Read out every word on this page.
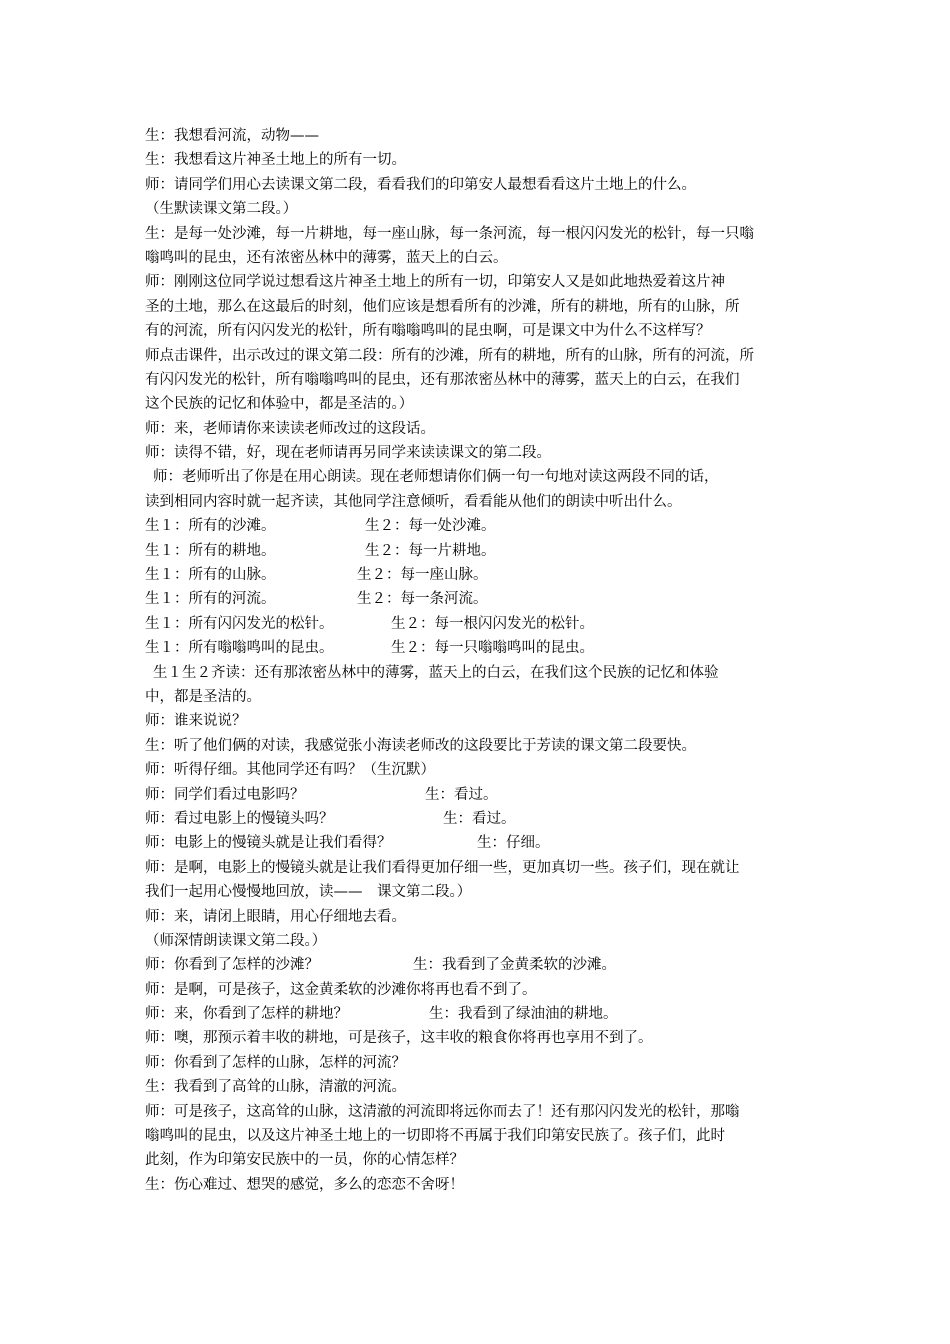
生：我想看河流，动物——
生：我想看这片神圣土地上的所有一切。
师：请同学们用心去读课文第二段，看看我们的印第安人最想看看这片土地上的什么。
（生默读课文第二段。）
生：是每一处沙滩，每一片耕地，每一座山脉，每一条河流，每一根闪闪发光的松针，每一只嗡
嗡鸣叫的昆虫，还有浓密丛林中的薄雾，蓝天上的白云。
师：刚刚这位同学说过想看这片神圣土地上的所有一切，印第安人又是如此地热爱着这片神
圣的土地，那么在这最后的时刻，他们应该是想看所有的沙滩，所有的耕地，所有的山脉，所
有的河流，所有闪闪发光的松针，所有嗡嗡鸣叫的昆虫啊，可是课文中为什么不这样写？
师点击课件，出示改过的课文第二段：所有的沙滩，所有的耕地，所有的山脉，所有的河流，所
有闪闪发光的松针，所有嗡嗡鸣叫的昆虫，还有那浓密丛林中的薄雾，蓝天上的白云，在我们
这个民族的记忆和体验中，都是圣洁的。）
师：来，老师请你来读读老师改过的这段话。
师：读得不错，好，现在老师请再另同学来读读课文的第二段。
师：老师听出了你是在用心朗读。现在老师想请你们俩一句一句地对读这两段不同的话，
读到相同内容时就一起齐读，其他同学注意倾听，看看能从他们的朗读中听出什么。
生１：所有的沙滩。	生２：每一处沙滩。
生１：所有的耕地。	生２：每一片耕地。
生１：所有的山脉。	生２：每一座山脉。
生１：所有的河流。	生２：每一条河流。
生１：所有闪闪发光的松针。	生２：每一根闪闪发光的松针。
生１：所有嗡嗡鸣叫的昆虫。	生２：每一只嗡嗡鸣叫的昆虫。
生１生２齐读：还有那浓密丛林中的薄雾，蓝天上的白云，在我们这个民族的记忆和体验
中，都是圣洁的。
师：谁来说说？
生：听了他们俩的对读，我感觉张小海读老师改的这段要比于芳读的课文第二段要快。
师：听得仔细。其他同学还有吗？（生沉默）
师：同学们看过电影吗？	生：看过。
师：看过电影上的慢镜头吗？	生：看过。
师：电影上的慢镜头就是让我们看得？	生：仔细。
师：是啊，电影上的慢镜头就是让我们看得更加仔细一些，更加真切一些。孩子们，现在就让
我们一起用心慢慢地回放，读——　课文第二段。）
师：来，请闭上眼睛，用心仔细地去看。
（师深情朗读课文第二段。）
师：你看到了怎样的沙滩？	生：我看到了金黄柔软的沙滩。
师：是啊，可是孩子，这金黄柔软的沙滩你将再也看不到了。
师：来，你看到了怎样的耕地？	生：我看到了绿油油的耕地。
师：噢，那预示着丰收的耕地，可是孩子，这丰收的粮食你将再也享用不到了。
师：你看到了怎样的山脉，怎样的河流？
生：我看到了高耸的山脉，清澈的河流。
师：可是孩子，这高耸的山脉，这清澈的河流即将远你而去了！还有那闪闪发光的松针，那嗡
嗡鸣叫的昆虫，以及这片神圣土地上的一切即将不再属于我们印第安民族了。孩子们，此时
此刻，作为印第安民族中的一员，你的心情怎样？
生：伤心难过、想哭的感觉，多么的恋恋不舍呀！
